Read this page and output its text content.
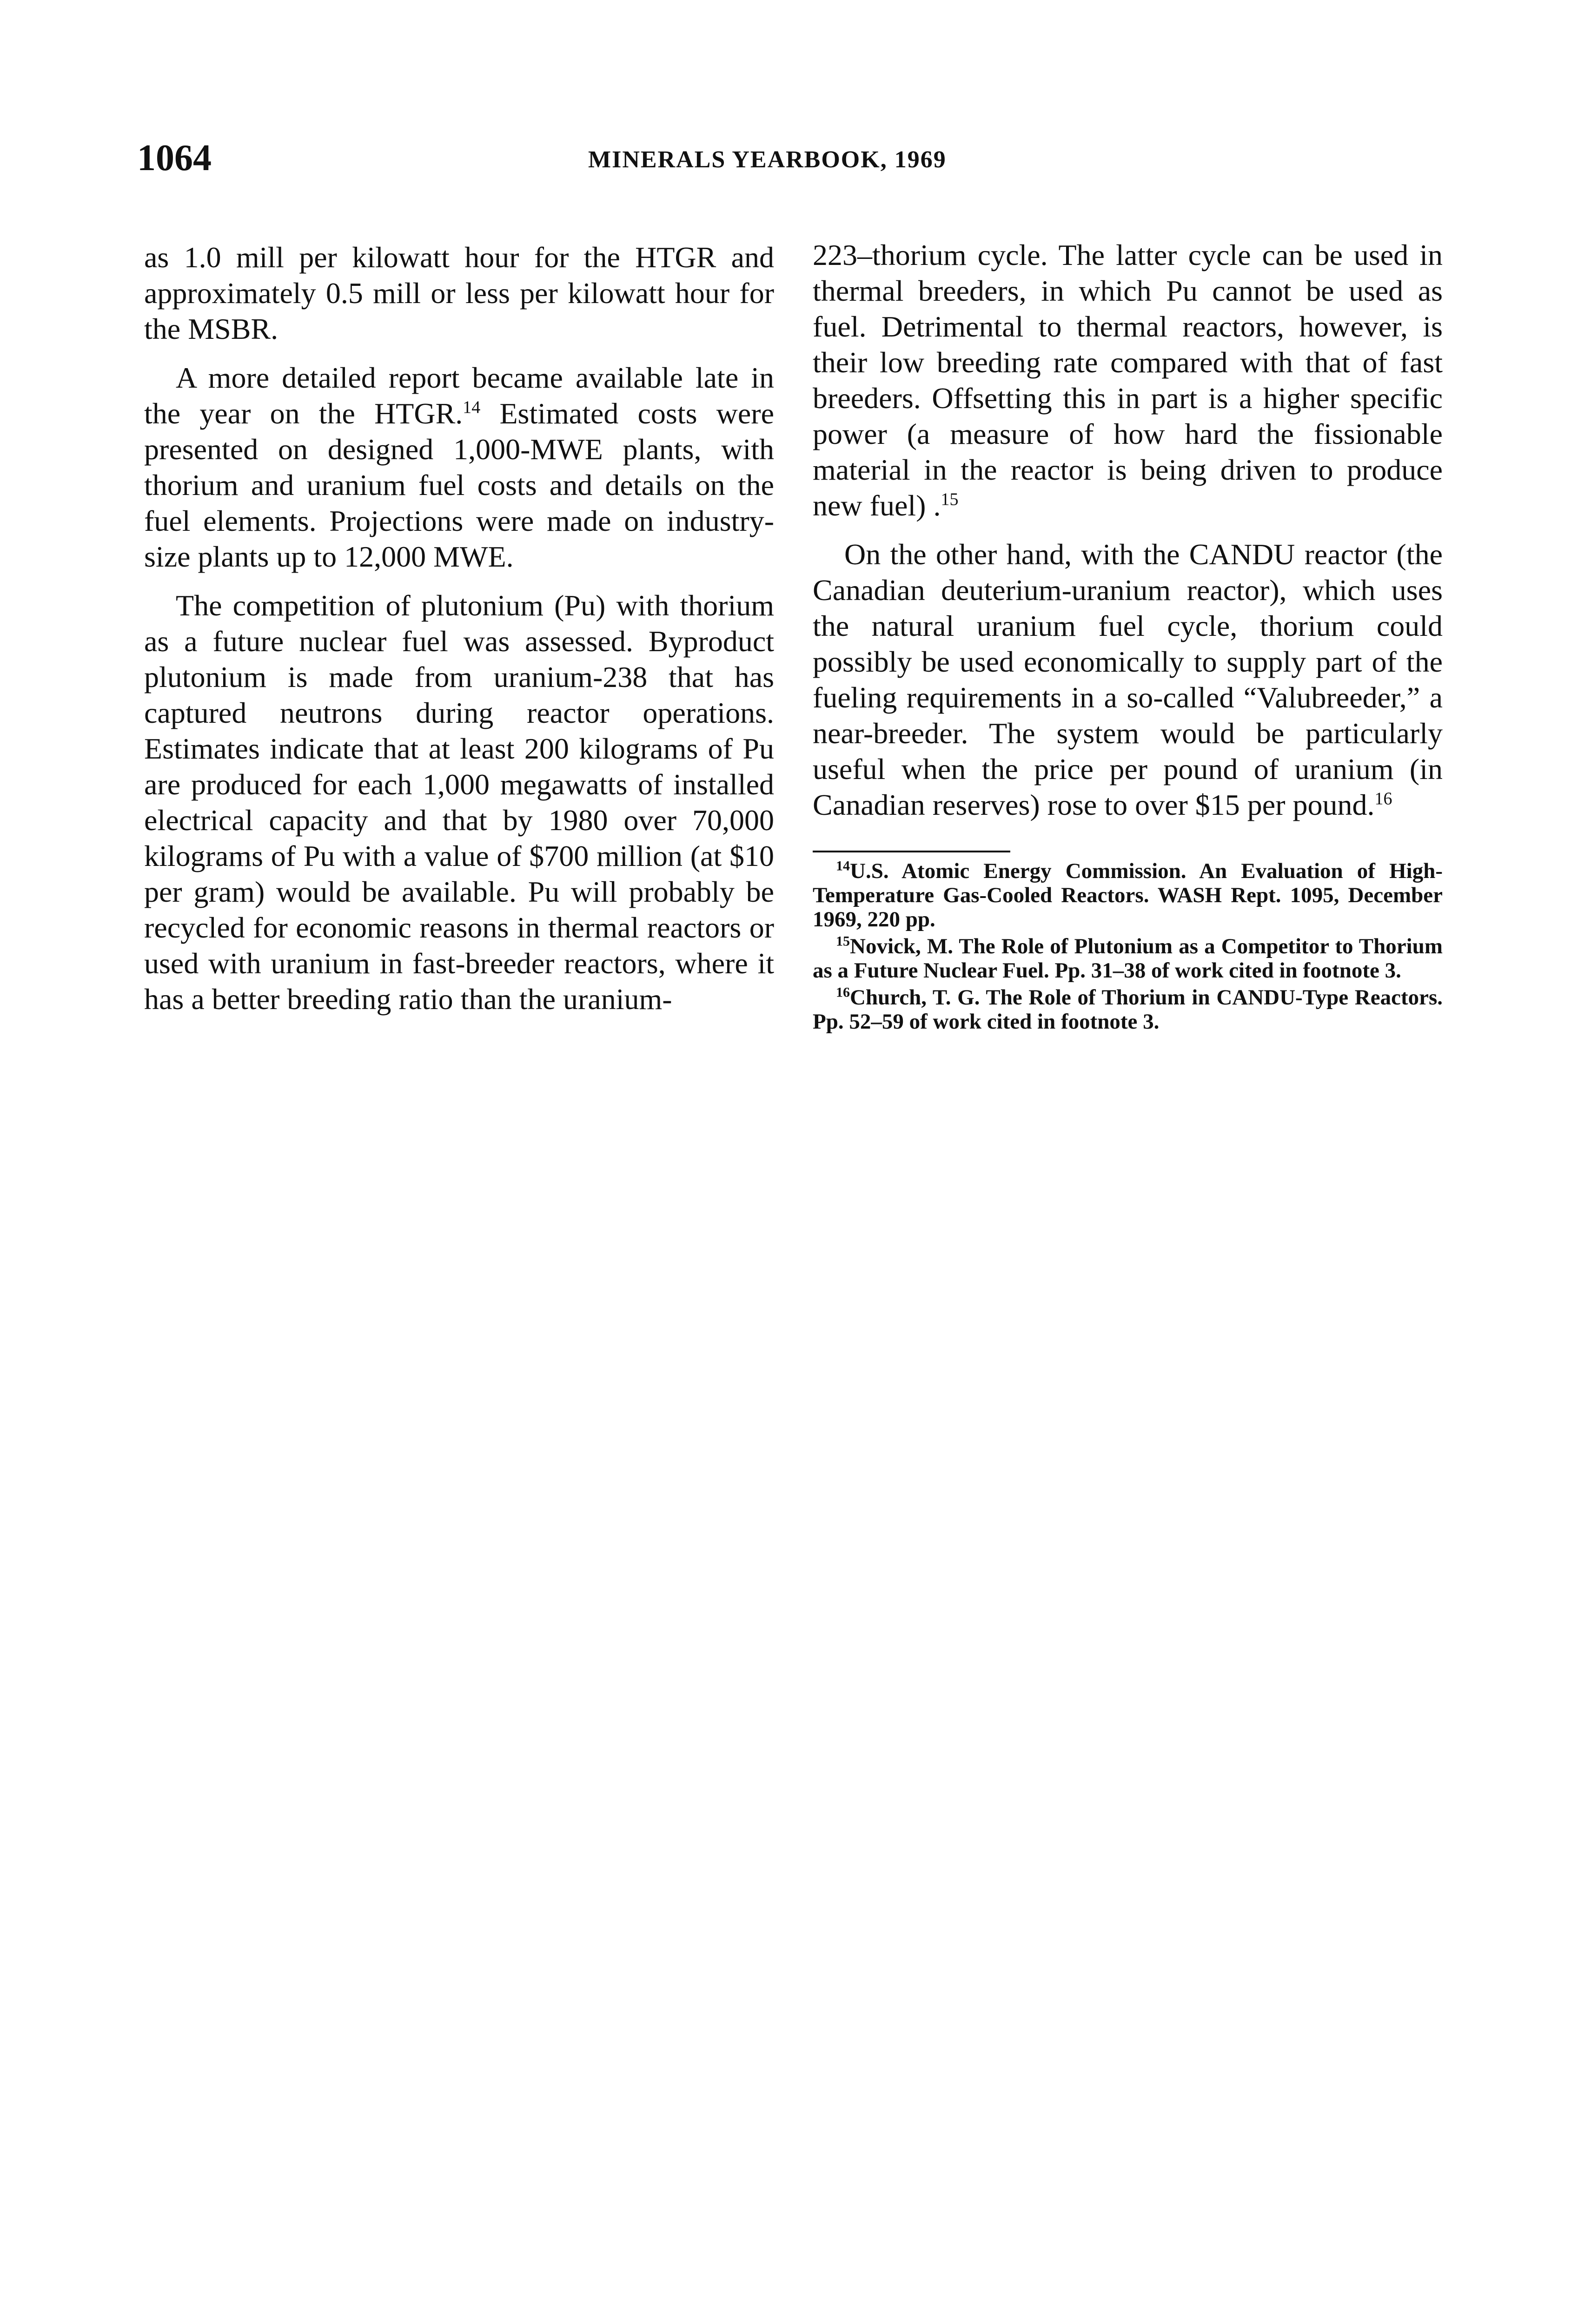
1064	MINERALS YEARBOOK, 1969

as 1.0 mill per kilowatt hour for the HTGR and approximately 0.5 mill or less per kilowatt hour for the MSBR.

A more detailed report became available late in the year on the HTGR.$^{14}$ Estimated costs were presented on designed 1,000-MWE plants, with thorium and uranium fuel costs and details on the fuel elements. Projections were made on industry-size plants up to 12,000 MWE.

The competition of plutonium (Pu) with thorium as a future nuclear fuel was assessed. Byproduct plutonium is made from uranium-238 that has captured neutrons during reactor operations. Estimates indicate that at least 200 kilograms of Pu are produced for each 1,000 megawatts of installed electrical capacity and that by 1980 over 70,000 kilograms of Pu with a value of $700 million (at $10 per gram) would be available. Pu will probably be recycled for economic reasons in thermal reactors or used with uranium in fast-breeder reactors, where it has a better breeding ratio than the uranium-

223–thorium cycle. The latter cycle can be used in thermal breeders, in which Pu cannot be used as fuel. Detrimental to thermal reactors, however, is their low breeding rate compared with that of fast breeders. Offsetting this in part is a higher specific power (a measure of how hard the fissionable material in the reactor is being driven to produce new fuel) .$^{15}$

On the other hand, with the CANDU reactor (the Canadian deuterium-uranium reactor), which uses the natural uranium fuel cycle, thorium could possibly be used economically to supply part of the fueling requirements in a so-called “Valubreeder,” a near-breeder. The system would be particularly useful when the price per pound of uranium (in Canadian reserves) rose to over $15 per pound.$^{16}$

$^{14}$U.S. Atomic Energy Commission. An Evaluation of High-Temperature Gas-Cooled Reactors. WASH Rept. 1095, December 1969, 220 pp.

$^{15}$Novick, M. The Role of Plutonium as a Competitor to Thorium as a Future Nuclear Fuel. Pp. 31–38 of work cited in footnote 3.

$^{16}$Church, T. G. The Role of Thorium in CANDU-Type Reactors. Pp. 52–59 of work cited in footnote 3.
